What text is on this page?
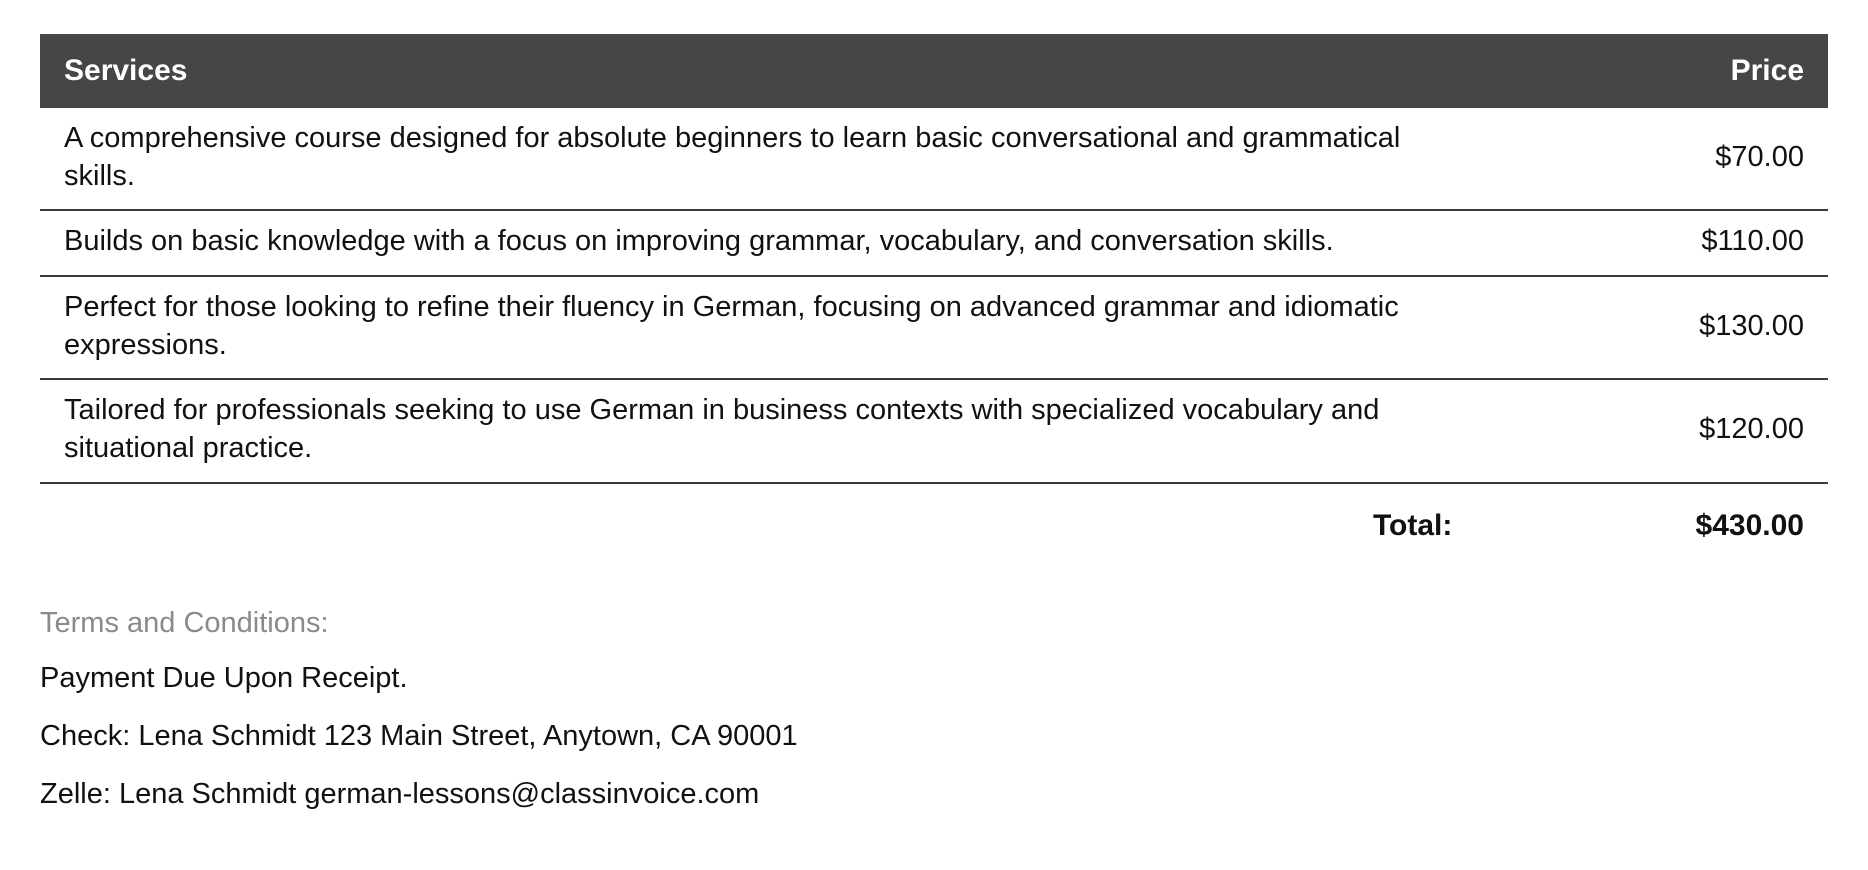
Services	Price
A comprehensive course designed for absolute beginners to learn basic conversational and grammatical skills.	$70.00
Builds on basic knowledge with a focus on improving grammar, vocabulary, and conversation skills.	$110.00
Perfect for those looking to refine their fluency in German, focusing on advanced grammar and idiomatic expressions.	$130.00
Tailored for professionals seeking to use German in business contexts with specialized vocabulary and situational practice.	$120.00
Total:	$430.00
Terms and Conditions:
Payment Due Upon Receipt.
Check: Lena Schmidt 123 Main Street, Anytown, CA 90001
Zelle: Lena Schmidt german-lessons@classinvoice.com
